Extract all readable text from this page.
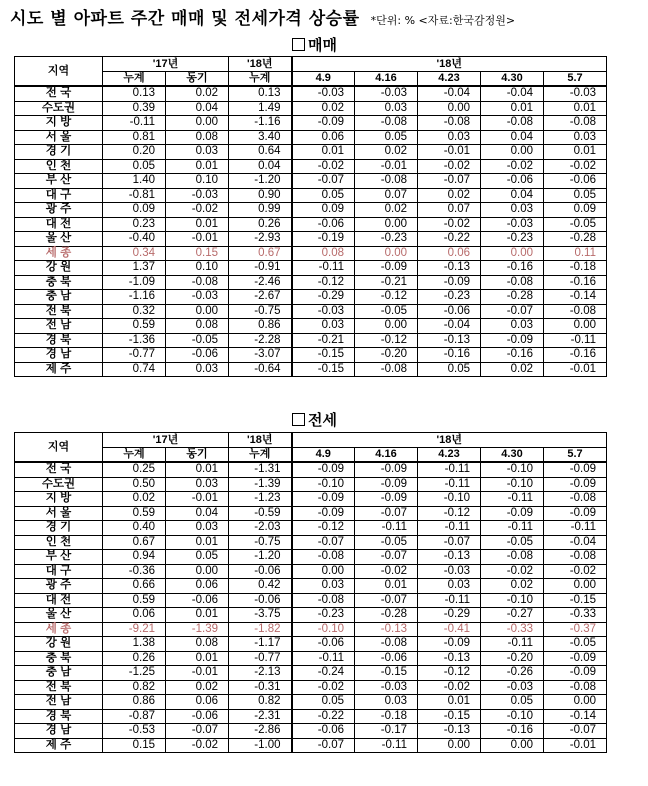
시도 별 아파트 주간 매매 및 전세가격 상승률 *단위: % <자료:한국감정원>
매매
지역	'17년		'18년	'18년				
	누계	동기	누계	4.9	4.16	4.23	4.30	5.7
전 국	0.13	0.02	0.13	-0.03	-0.03	-0.04	-0.04	-0.03
수도권	0.39	0.04	1.49	0.02	0.03	0.00	0.01	0.01
지 방	-0.11	0.00	-1.16	-0.09	-0.08	-0.08	-0.08	-0.08
서 울	0.81	0.08	3.40	0.06	0.05	0.03	0.04	0.03
경 기	0.20	0.03	0.64	0.01	0.02	-0.01	0.00	0.01
인 천	0.05	0.01	0.04	-0.02	-0.01	-0.02	-0.02	-0.02
부 산	1.40	0.10	-1.20	-0.07	-0.08	-0.07	-0.06	-0.06
대 구	-0.81	-0.03	0.90	0.05	0.07	0.02	0.04	0.05
광 주	0.09	-0.02	0.99	0.09	0.02	0.07	0.03	0.09
대 전	0.23	0.01	0.26	-0.06	0.00	-0.02	-0.03	-0.05
울 산	-0.40	-0.01	-2.93	-0.19	-0.23	-0.22	-0.23	-0.28
세 종	0.34	0.15	0.67	0.08	0.00	0.06	0.00	0.11
강 원	1.37	0.10	-0.91	-0.11	-0.09	-0.13	-0.16	-0.18
충 북	-1.09	-0.08	-2.46	-0.12	-0.21	-0.09	-0.08	-0.16
충 남	-1.16	-0.03	-2.67	-0.29	-0.12	-0.23	-0.28	-0.14
전 북	0.32	0.00	-0.75	-0.03	-0.05	-0.06	-0.07	-0.08
전 남	0.59	0.08	0.86	0.03	0.00	-0.04	0.03	0.00
경 북	-1.36	-0.05	-2.28	-0.21	-0.12	-0.13	-0.09	-0.11
경 남	-0.77	-0.06	-3.07	-0.15	-0.20	-0.16	-0.16	-0.16
제 주	0.74	0.03	-0.64	-0.15	-0.08	0.05	0.02	-0.01
전세
지역	'17년		'18년	'18년				
	누계	동기	누계	4.9	4.16	4.23	4.30	5.7
전 국	0.25	0.01	-1.31	-0.09	-0.09	-0.11	-0.10	-0.09
수도권	0.50	0.03	-1.39	-0.10	-0.09	-0.11	-0.10	-0.09
지 방	0.02	-0.01	-1.23	-0.09	-0.09	-0.10	-0.11	-0.08
서 울	0.59	0.04	-0.59	-0.09	-0.07	-0.12	-0.09	-0.09
경 기	0.40	0.03	-2.03	-0.12	-0.11	-0.11	-0.11	-0.11
인 천	0.67	0.01	-0.75	-0.07	-0.05	-0.07	-0.05	-0.04
부 산	0.94	0.05	-1.20	-0.08	-0.07	-0.13	-0.08	-0.08
대 구	-0.36	0.00	-0.06	0.00	-0.02	-0.03	-0.02	-0.02
광 주	0.66	0.06	0.42	0.03	0.01	0.03	0.02	0.00
대 전	0.59	-0.06	-0.06	-0.08	-0.07	-0.11	-0.10	-0.15
울 산	0.06	0.01	-3.75	-0.23	-0.28	-0.29	-0.27	-0.33
세 종	-9.21	-1.39	-1.82	-0.10	-0.13	-0.41	-0.33	-0.37
강 원	1.38	0.08	-1.17	-0.06	-0.08	-0.09	-0.11	-0.05
충 북	0.26	0.01	-0.77	-0.11	-0.06	-0.13	-0.20	-0.09
충 남	-1.25	-0.01	-2.13	-0.24	-0.15	-0.12	-0.26	-0.09
전 북	0.82	0.02	-0.31	-0.02	-0.03	-0.02	-0.03	-0.08
전 남	0.86	0.06	0.82	0.05	0.03	0.01	0.05	0.00
경 북	-0.87	-0.06	-2.31	-0.22	-0.18	-0.15	-0.10	-0.14
경 남	-0.53	-0.07	-2.86	-0.06	-0.17	-0.13	-0.16	-0.07
제 주	0.15	-0.02	-1.00	-0.07	-0.11	0.00	0.00	-0.01
